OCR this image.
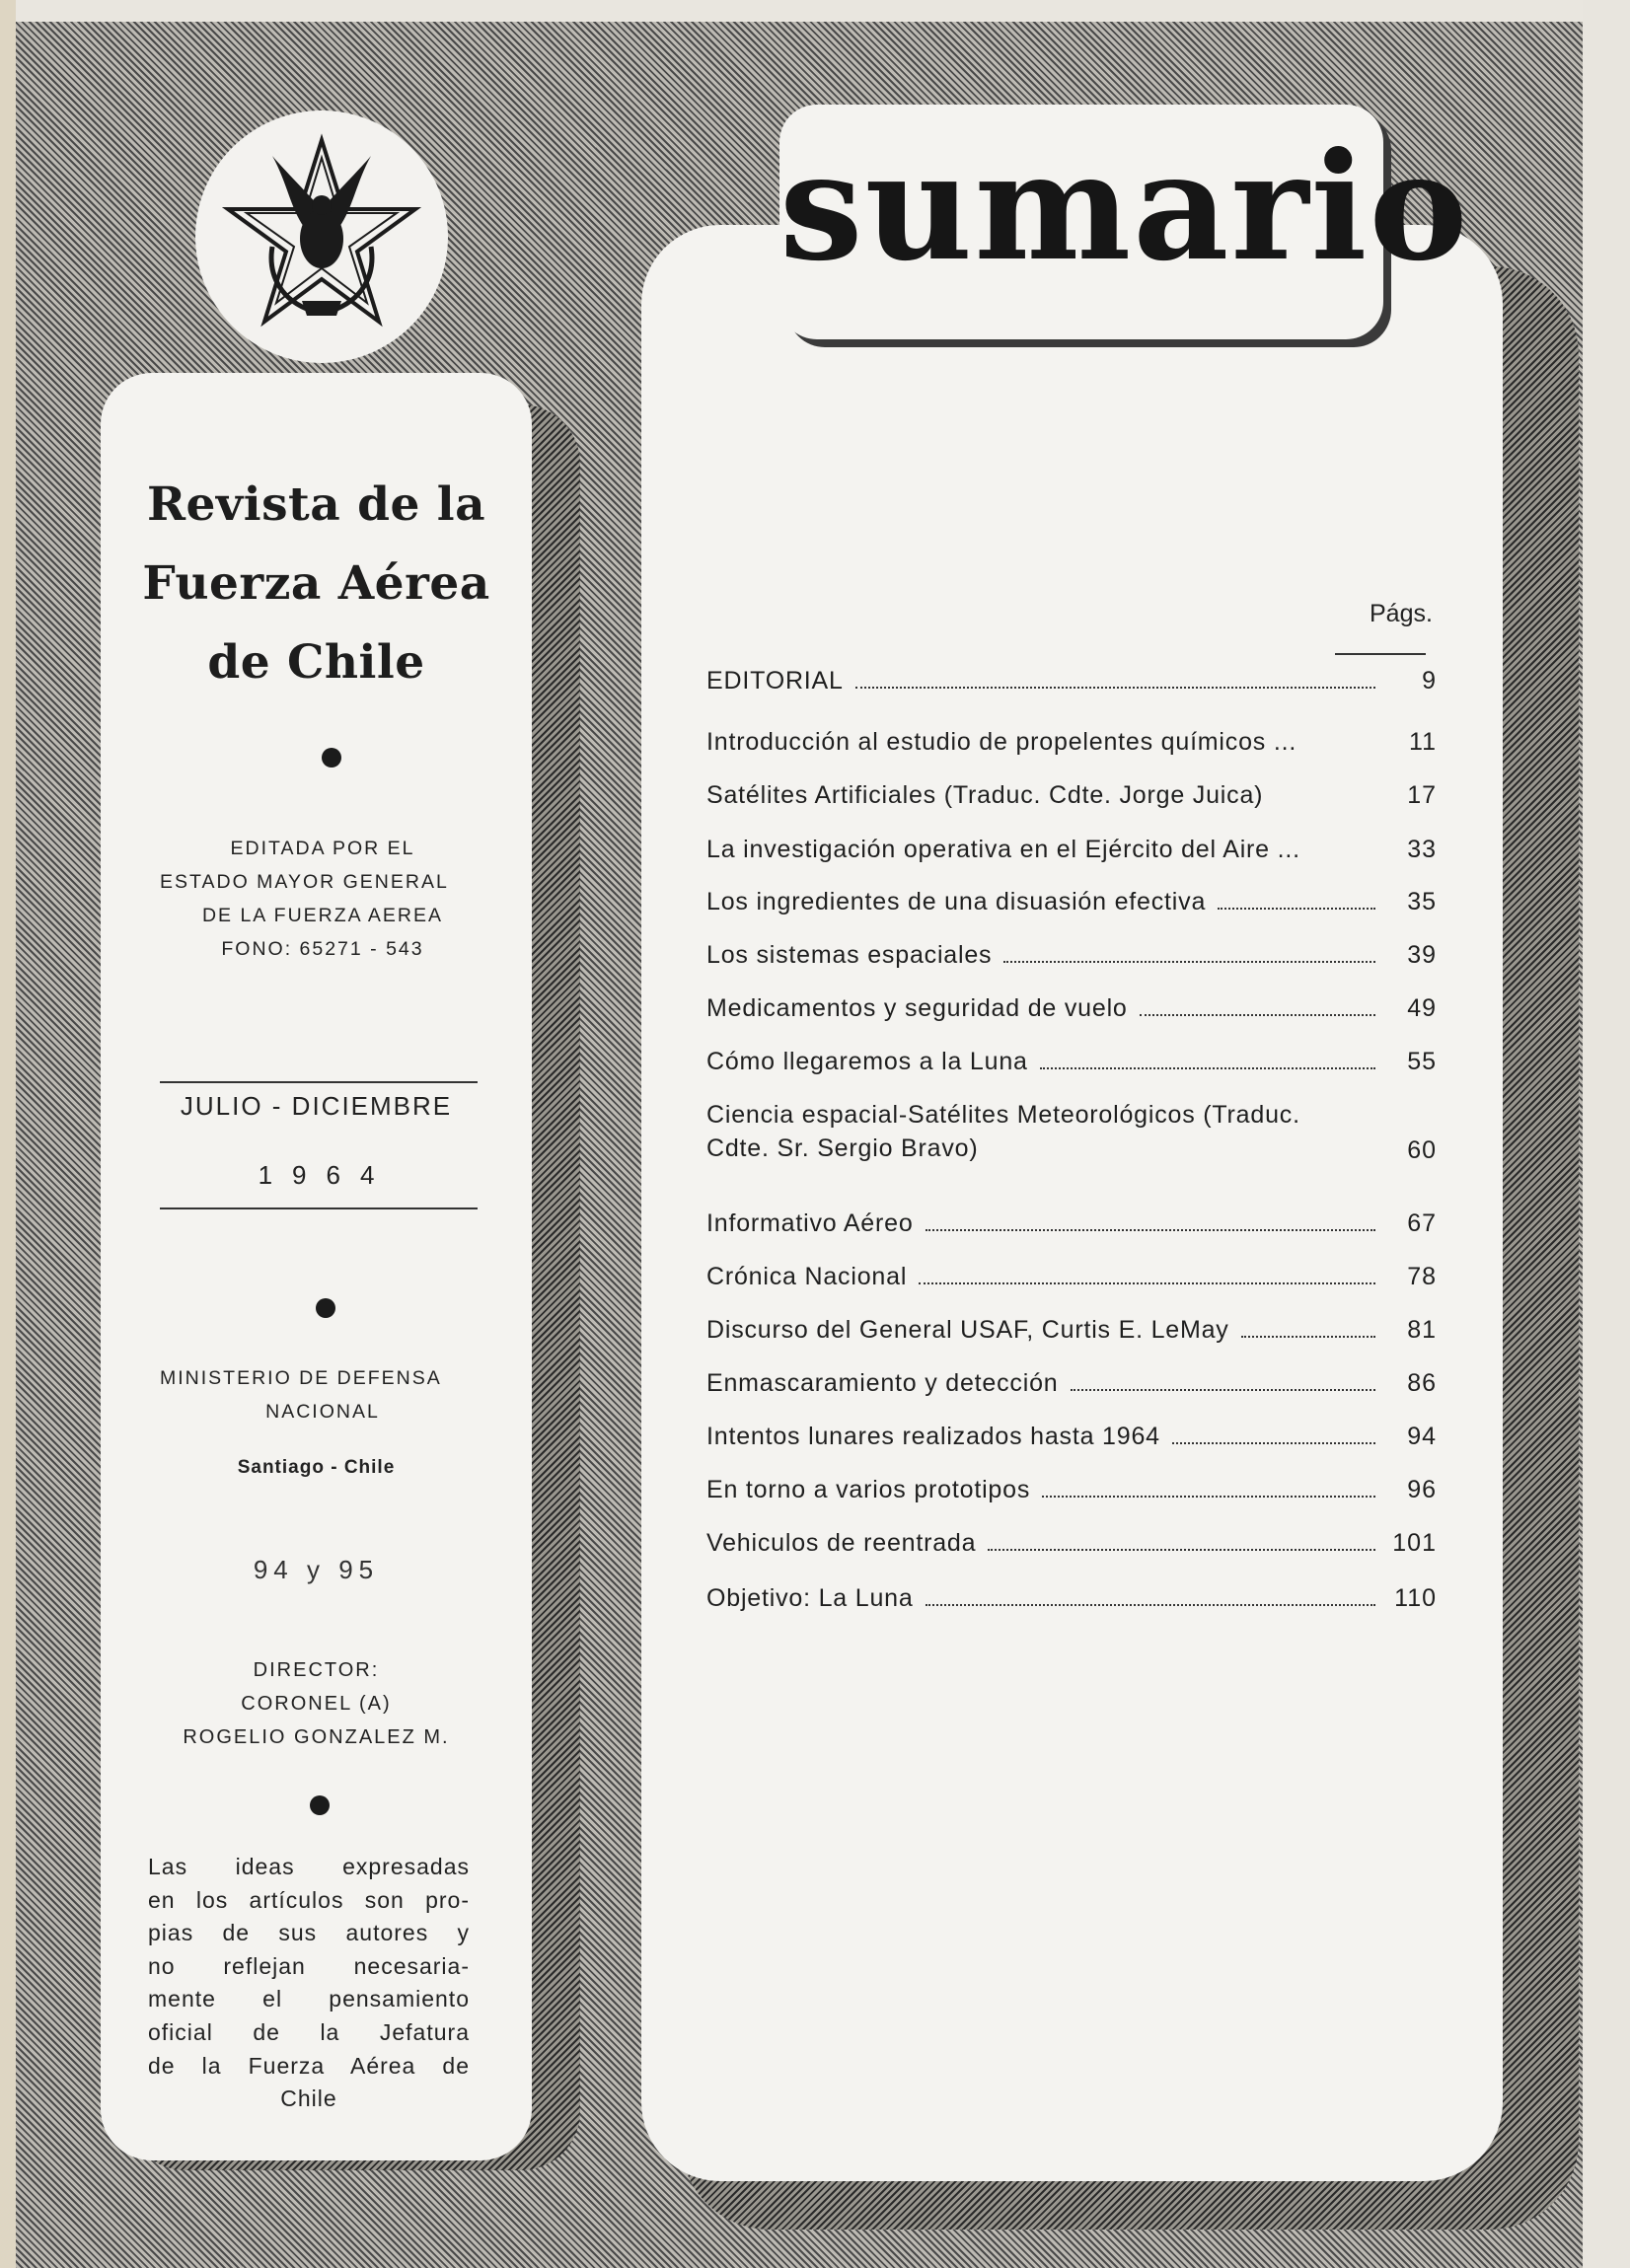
Revista de la
Fuerza Aérea
de Chile
EDITADA POR EL
ESTADO MAYOR GENERAL
DE LA FUERZA AEREA
FONO: 65271 - 543
JULIO - DICIEMBRE
1964
MINISTERIO DE DEFENSA
NACIONAL
Santiago - Chile
94 y 95
DIRECTOR:
CORONEL (A)
ROGELIO GONZALEZ M.
Las ideas expresadas
en los artículos son pro-
pias de sus autores y
no reflejan necesaria-
mente el pensamiento
oficial de la Jefatura
de la Fuerza Aérea de
Chile
sumario
Págs.
EDITORIAL	9
Introducción al estudio de propelentes químicos ...	11
Satélites Artificiales (Traduc. Cdte. Jorge Juica)	17
La investigación operativa en el Ejército del Aire ...	33
Los ingredientes de una disuasión efectiva	35
Los sistemas espaciales	39
Medicamentos y seguridad de vuelo	49
Cómo llegaremos a la Luna	55
Ciencia espacial-Satélites Meteorológicos (Traduc. Cdte. Sr. Sergio Bravo)	60
Informativo Aéreo	67
Crónica Nacional	78
Discurso del General USAF, Curtis E. LeMay	81
Enmascaramiento y detección	86
Intentos lunares realizados hasta 1964	94
En torno a varios prototipos	96
Vehiculos de reentrada	101
Objetivo: La Luna	110
